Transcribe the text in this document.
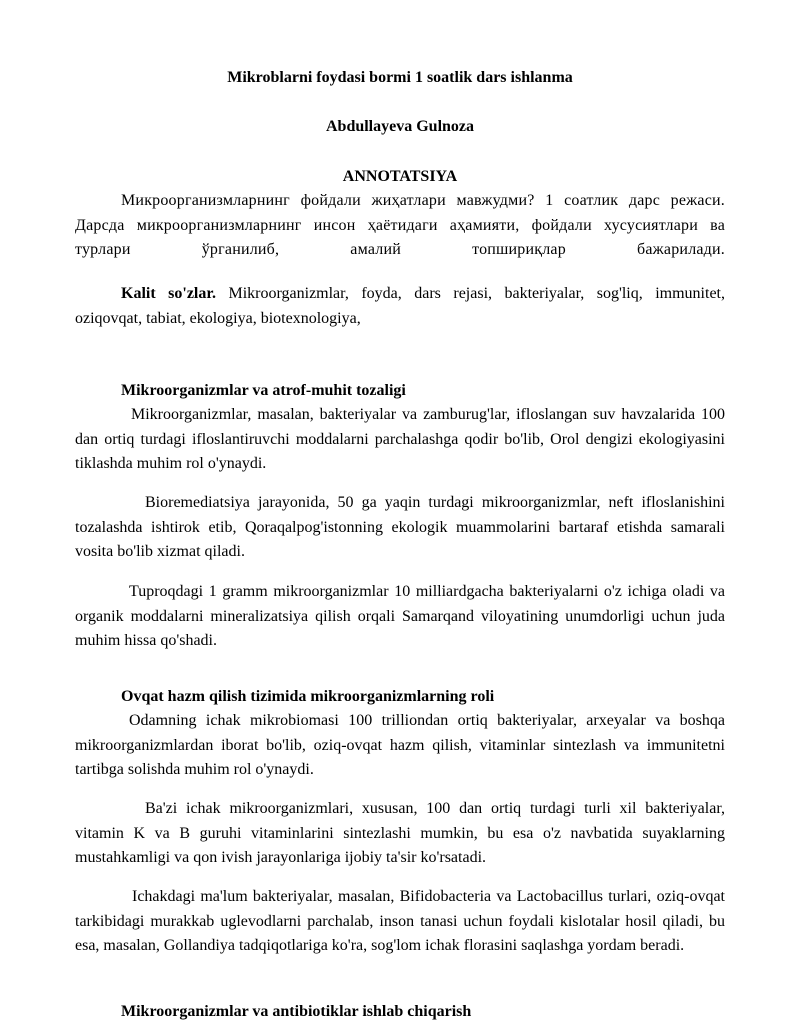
Mikroblarni foydasi bormi 1 soatlik dars ishlanma

Abdullayeva Gulnoza

ANNOTATSIYA

Микроорганизмларнинг фойдали жиҳатлари мавжудми? 1 соатлик дарс режаси. Дарсда микроорганизмларнинг инсон ҳаётидаги аҳамияти, фойдали хусусиятлари ва турлари ўрганилиб, амалий топшириқлар бажарилади.

Kalit so'zlar. Mikroorganizmlar, foyda, dars rejasi, bakteriyalar, sog'liq, immunitet, oziqovqat, tabiat, ekologiya, biotexnologiya,

Mikroorganizmlar va atrof-muhit tozaligi

Mikroorganizmlar, masalan, bakteriyalar va zamburug'lar, ifloslangan suv havzalarida 100 dan ortiq turdagi ifloslantiruvchi moddalarni parchalashga qodir bo'lib, Orol dengizi ekologiyasini tiklashda muhim rol o'ynaydi.

Bioremediatsiya jarayonida, 50 ga yaqin turdagi mikroorganizmlar, neft ifloslanishini tozalashda ishtirok etib, Qoraqalpog'istonning ekologik muammolarini bartaraf etishda samarali vosita bo'lib xizmat qiladi.

Tuproqdagi 1 gramm mikroorganizmlar 10 milliardgacha bakteriyalarni o'z ichiga oladi va organik moddalarni mineralizatsiya qilish orqali Samarqand viloyatining unumdorligi uchun juda muhim hissa qo'shadi.

Ovqat hazm qilish tizimida mikroorganizmlarning roli

Odamning ichak mikrobiomasi 100 trilliondan ortiq bakteriyalar, arxeyalar va boshqa mikroorganizmlardan iborat bo'lib, oziq-ovqat hazm qilish, vitaminlar sintezlash va immunitetni tartibga solishda muhim rol o'ynaydi.

Ba'zi ichak mikroorganizmlari, xususan, 100 dan ortiq turdagi turli xil bakteriyalar, vitamin K va B guruhi vitaminlarini sintezlashi mumkin, bu esa o'z navbatida suyaklarning mustahkamligi va qon ivish jarayonlariga ijobiy ta'sir ko'rsatadi.

Ichakdagi ma'lum bakteriyalar, masalan, Bifidobacteria va Lactobacillus turlari, oziq-ovqat tarkibidagi murakkab uglevodlarni parchalab, inson tanasi uchun foydali kislotalar hosil qiladi, bu esa, masalan, Gollandiya tadqiqotlariga ko'ra, sog'lom ichak florasini saqlashga yordam beradi.

Mikroorganizmlar va antibiotiklar ishlab chiqarish
